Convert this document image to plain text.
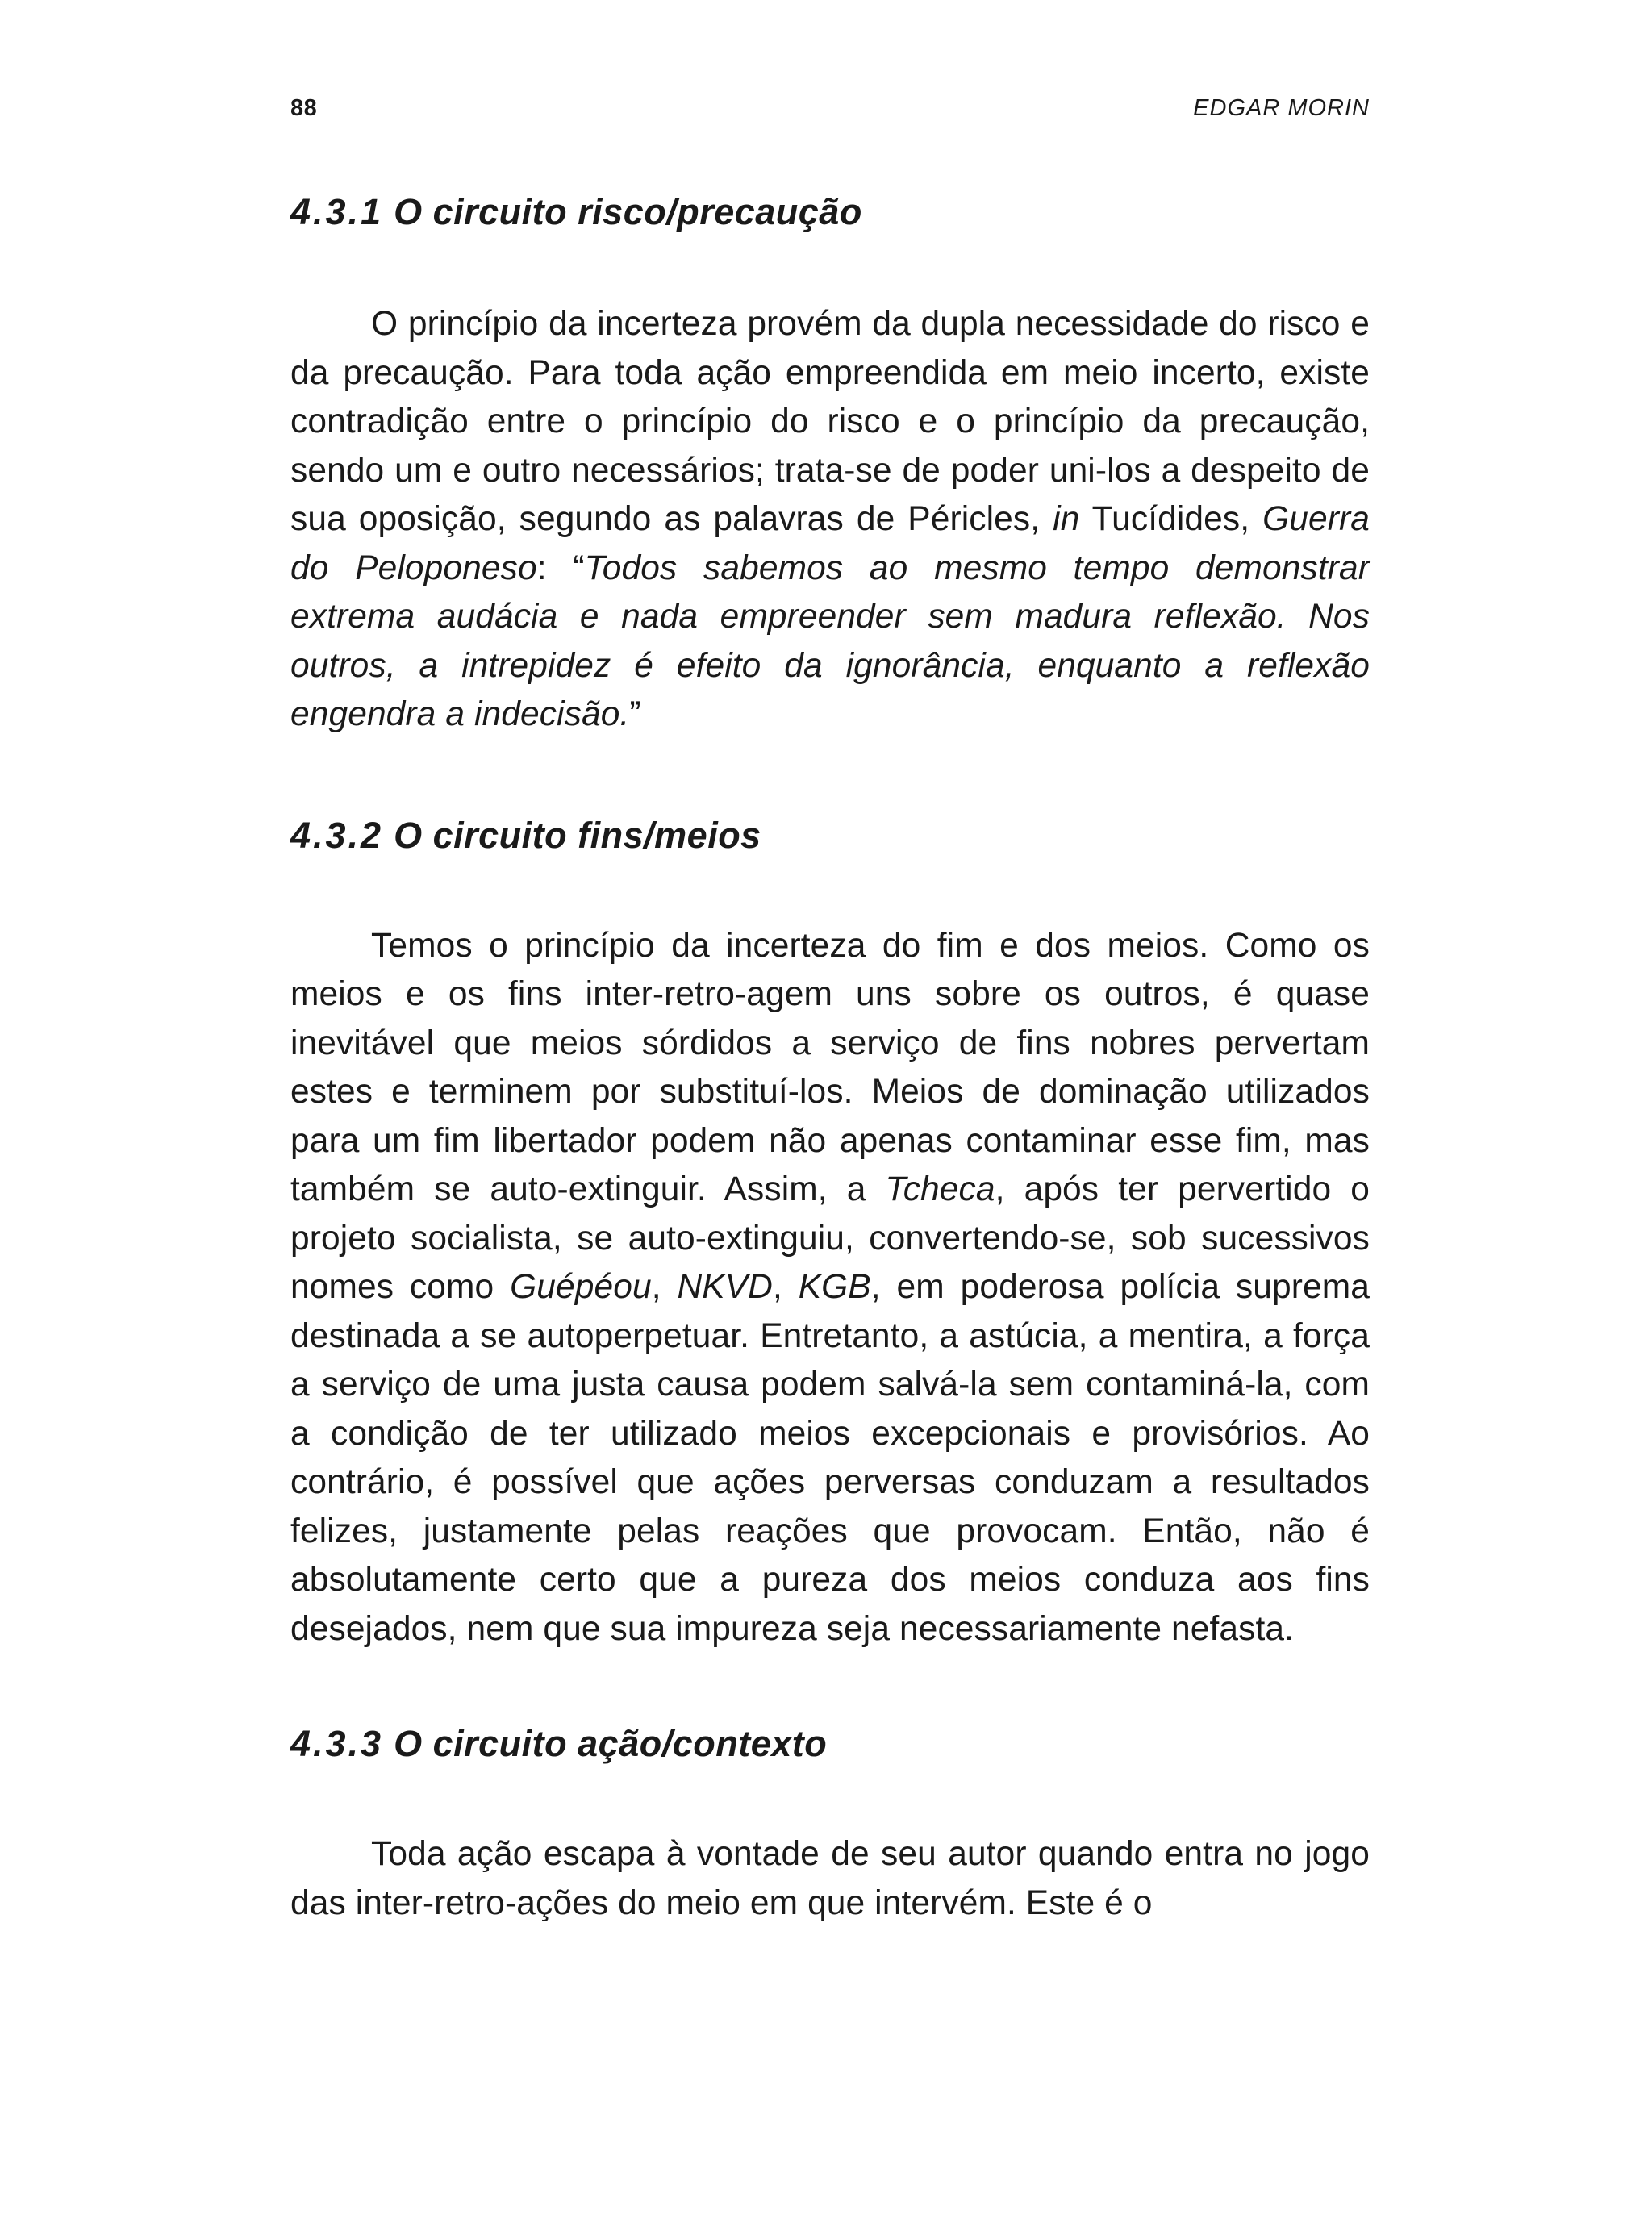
88	EDGAR MORIN
4.3.1 O circuito risco/precaução

O princípio da incerteza provém da dupla necessidade do risco e da precaução. Para toda ação empreendida em meio incerto, existe contradição entre o princípio do risco e o princípio da precaução, sendo um e outro necessários; trata-se de poder uni-los a despeito de sua oposição, segundo as palavras de Péricles, in Tucídides, Guerra do Peloponeso: “Todos sabemos ao mesmo tempo demonstrar extrema audácia e nada empreender sem madura reflexão. Nos outros, a intrepidez é efeito da ignorância, enquanto a reflexão engendra a indecisão.”

4.3.2 O circuito fins/meios

Temos o princípio da incerteza do fim e dos meios. Como os meios e os fins inter-retro-agem uns sobre os outros, é quase inevitável que meios sórdidos a serviço de fins nobres pervertam estes e terminem por substituí-los. Meios de dominação utilizados para um fim libertador podem não apenas contaminar esse fim, mas também se auto-extinguir. Assim, a Tcheca, após ter pervertido o projeto socialista, se auto-extinguiu, convertendo-se, sob sucessivos nomes como Guépéou, NKVD, KGB, em poderosa polícia suprema destinada a se autoperpetuar. Entretanto, a astúcia, a mentira, a força a serviço de uma justa causa podem salvá-la sem contaminá-la, com a condição de ter utilizado meios excepcionais e provisórios. Ao contrário, é possível que ações perversas conduzam a resultados felizes, justamente pelas reações que provocam. Então, não é absolutamente certo que a pureza dos meios conduza aos fins desejados, nem que sua impureza seja necessariamente nefasta.

4.3.3 O circuito ação/contexto

Toda ação escapa à vontade de seu autor quando entra no jogo das inter-retro-ações do meio em que intervém. Este é o
